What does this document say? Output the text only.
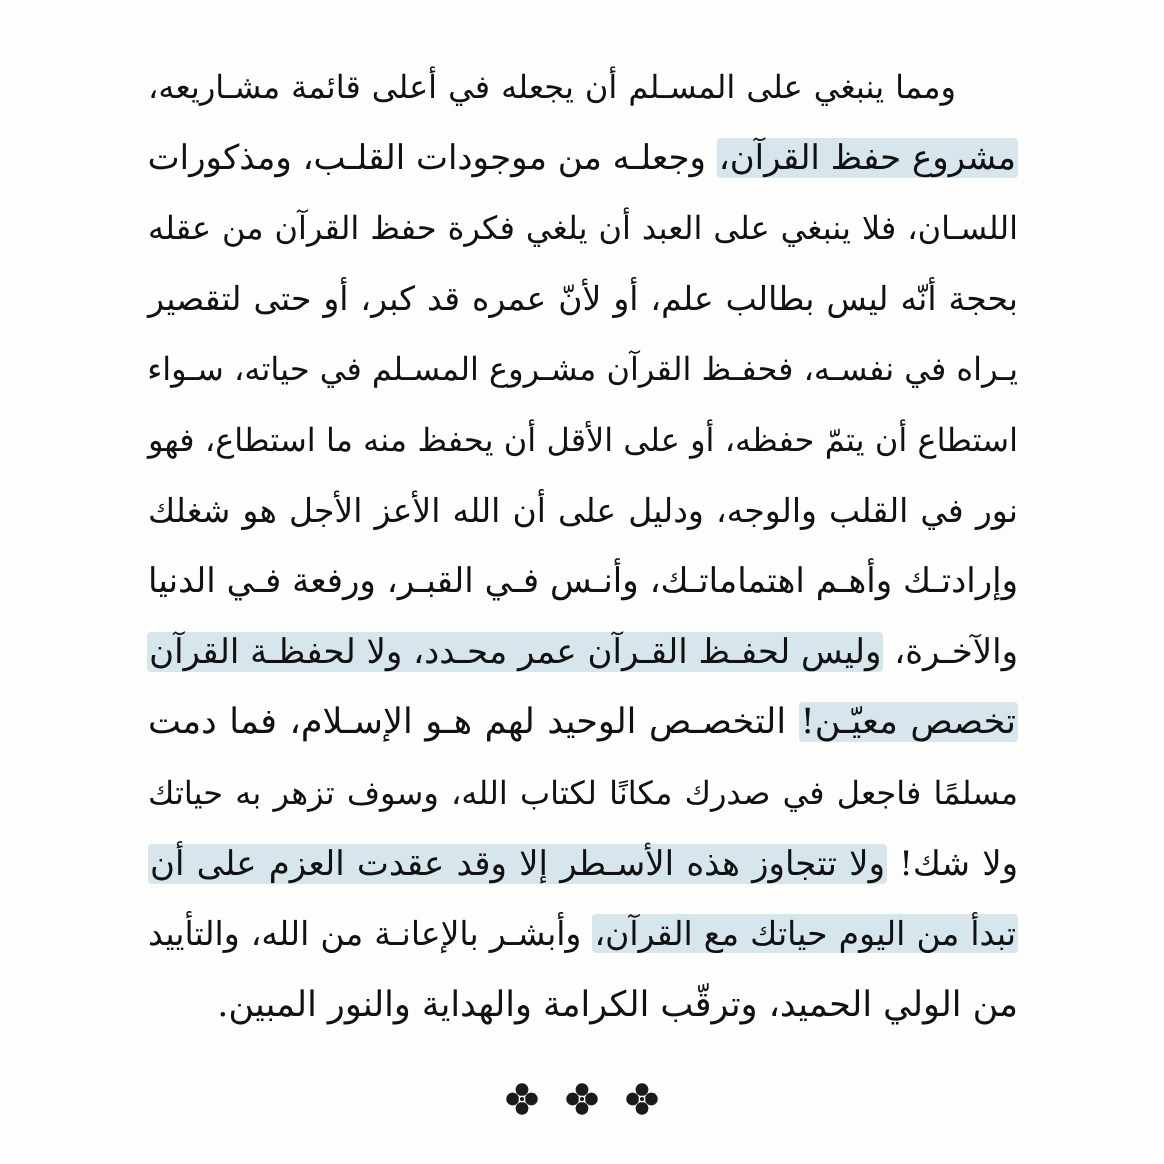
ومما ينبغي على المسـلم أن يجعله في أعلى قائمة مشـاريعه،
مشروع حفظ القرآن، وجعلـه من موجودات القلـب، ومذكورات
اللسـان، فلا ينبغي على العبد أن يلغي فكرة حفظ القرآن من عقله
بحجة أنّه ليس بطالب علم، أو لأنّ عمره قد كبر، أو حتى لتقصير
يـراه في نفسـه، فحفـظ القرآن مشـروع المسـلم في حياته، سـواء
استطاع أن يتمّ حفظه، أو على الأقل أن يحفظ منه ما استطاع، فهو
نور في القلب والوجه، ودليل على أن الله الأعز الأجل هو شغلك
وإرادتـك وأهـم اهتماماتـك، وأنـس فـي القبـر، ورفعة فـي الدنيا
والآخـرة، وليس لحفـظ القـرآن عمر محـدد، ولا لحفظـة القرآن
تخصص معيّـن! التخصـص الوحيد لهم هـو الإسـلام، فما دمت
مسلمًا فاجعل في صدرك مكانًا لكتاب الله، وسوف تزهر به حياتك
ولا شك! ولا تتجاوز هذه الأسـطر إلا وقد عقدت العزم على أن
تبدأ من اليوم حياتك مع القرآن، وأبشـر بالإعانـة من الله، والتأييد
من الولي الحميد، وترقّب الكرامة والهداية والنور المبين.
